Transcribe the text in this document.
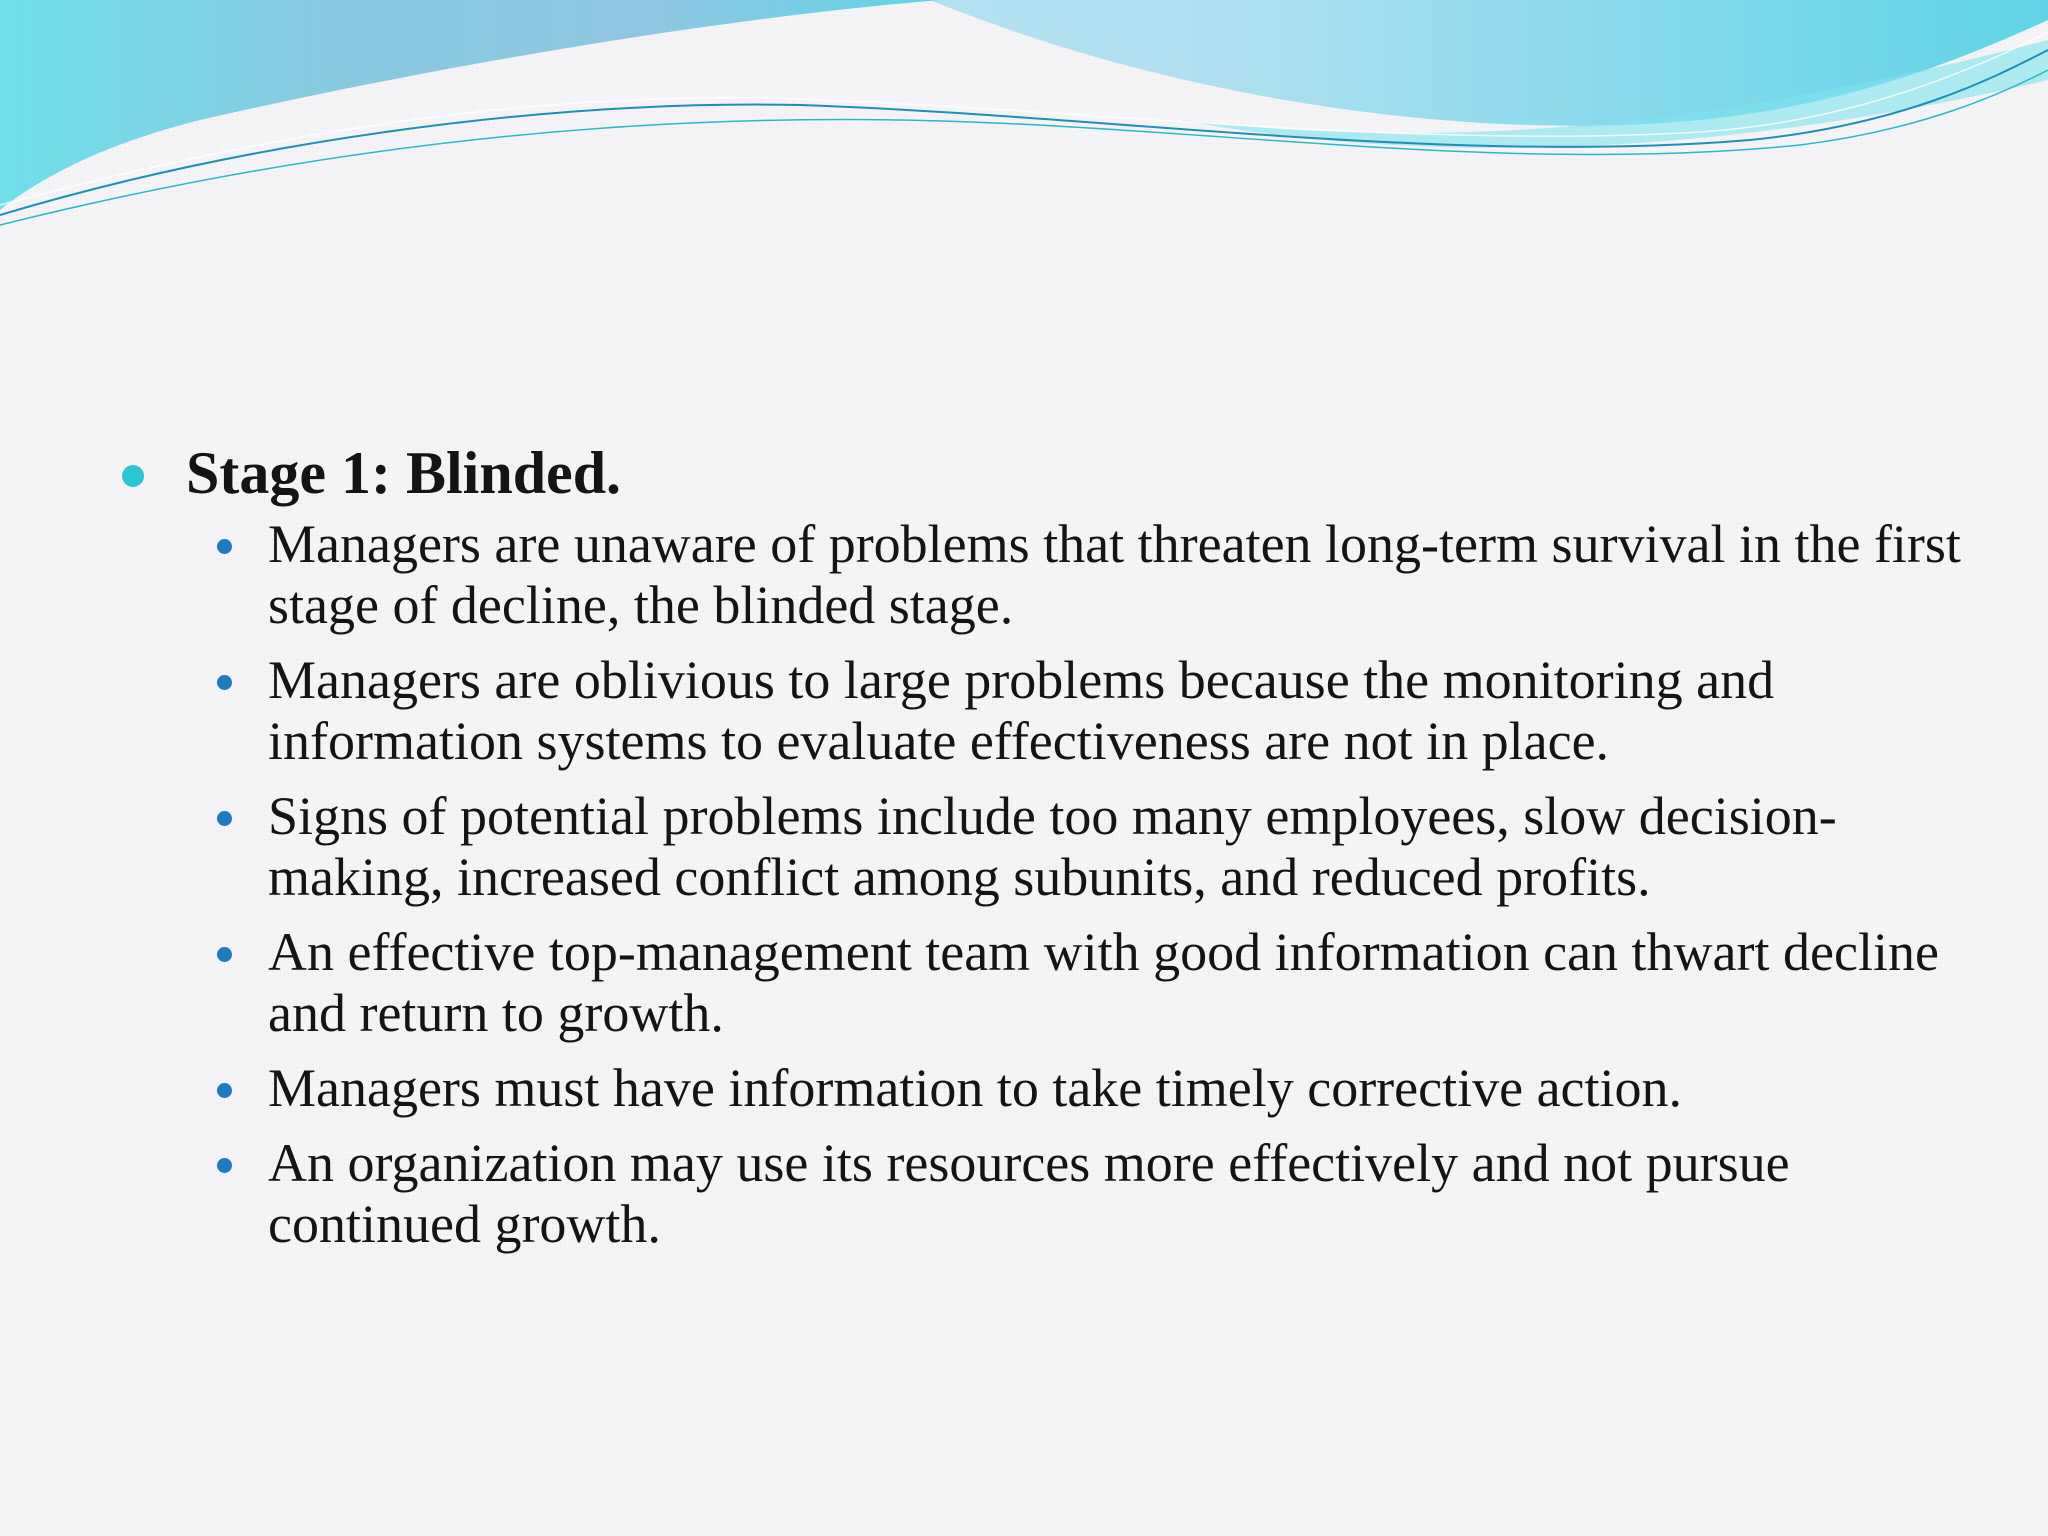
Stage 1: Blinded.
Managers are unaware of problems that threaten long-term survival in the first stage of decline, the blinded stage.
Managers are oblivious to large problems because the monitoring and information systems to evaluate effectiveness are not in place.
Signs of potential problems include too many employees, slow decision-making, increased conflict among subunits, and reduced profits.
An effective top-management team with good information can thwart decline and return to growth.
Managers must have information to take timely corrective action.
An organization may use its resources more effectively and not pursue continued growth.
